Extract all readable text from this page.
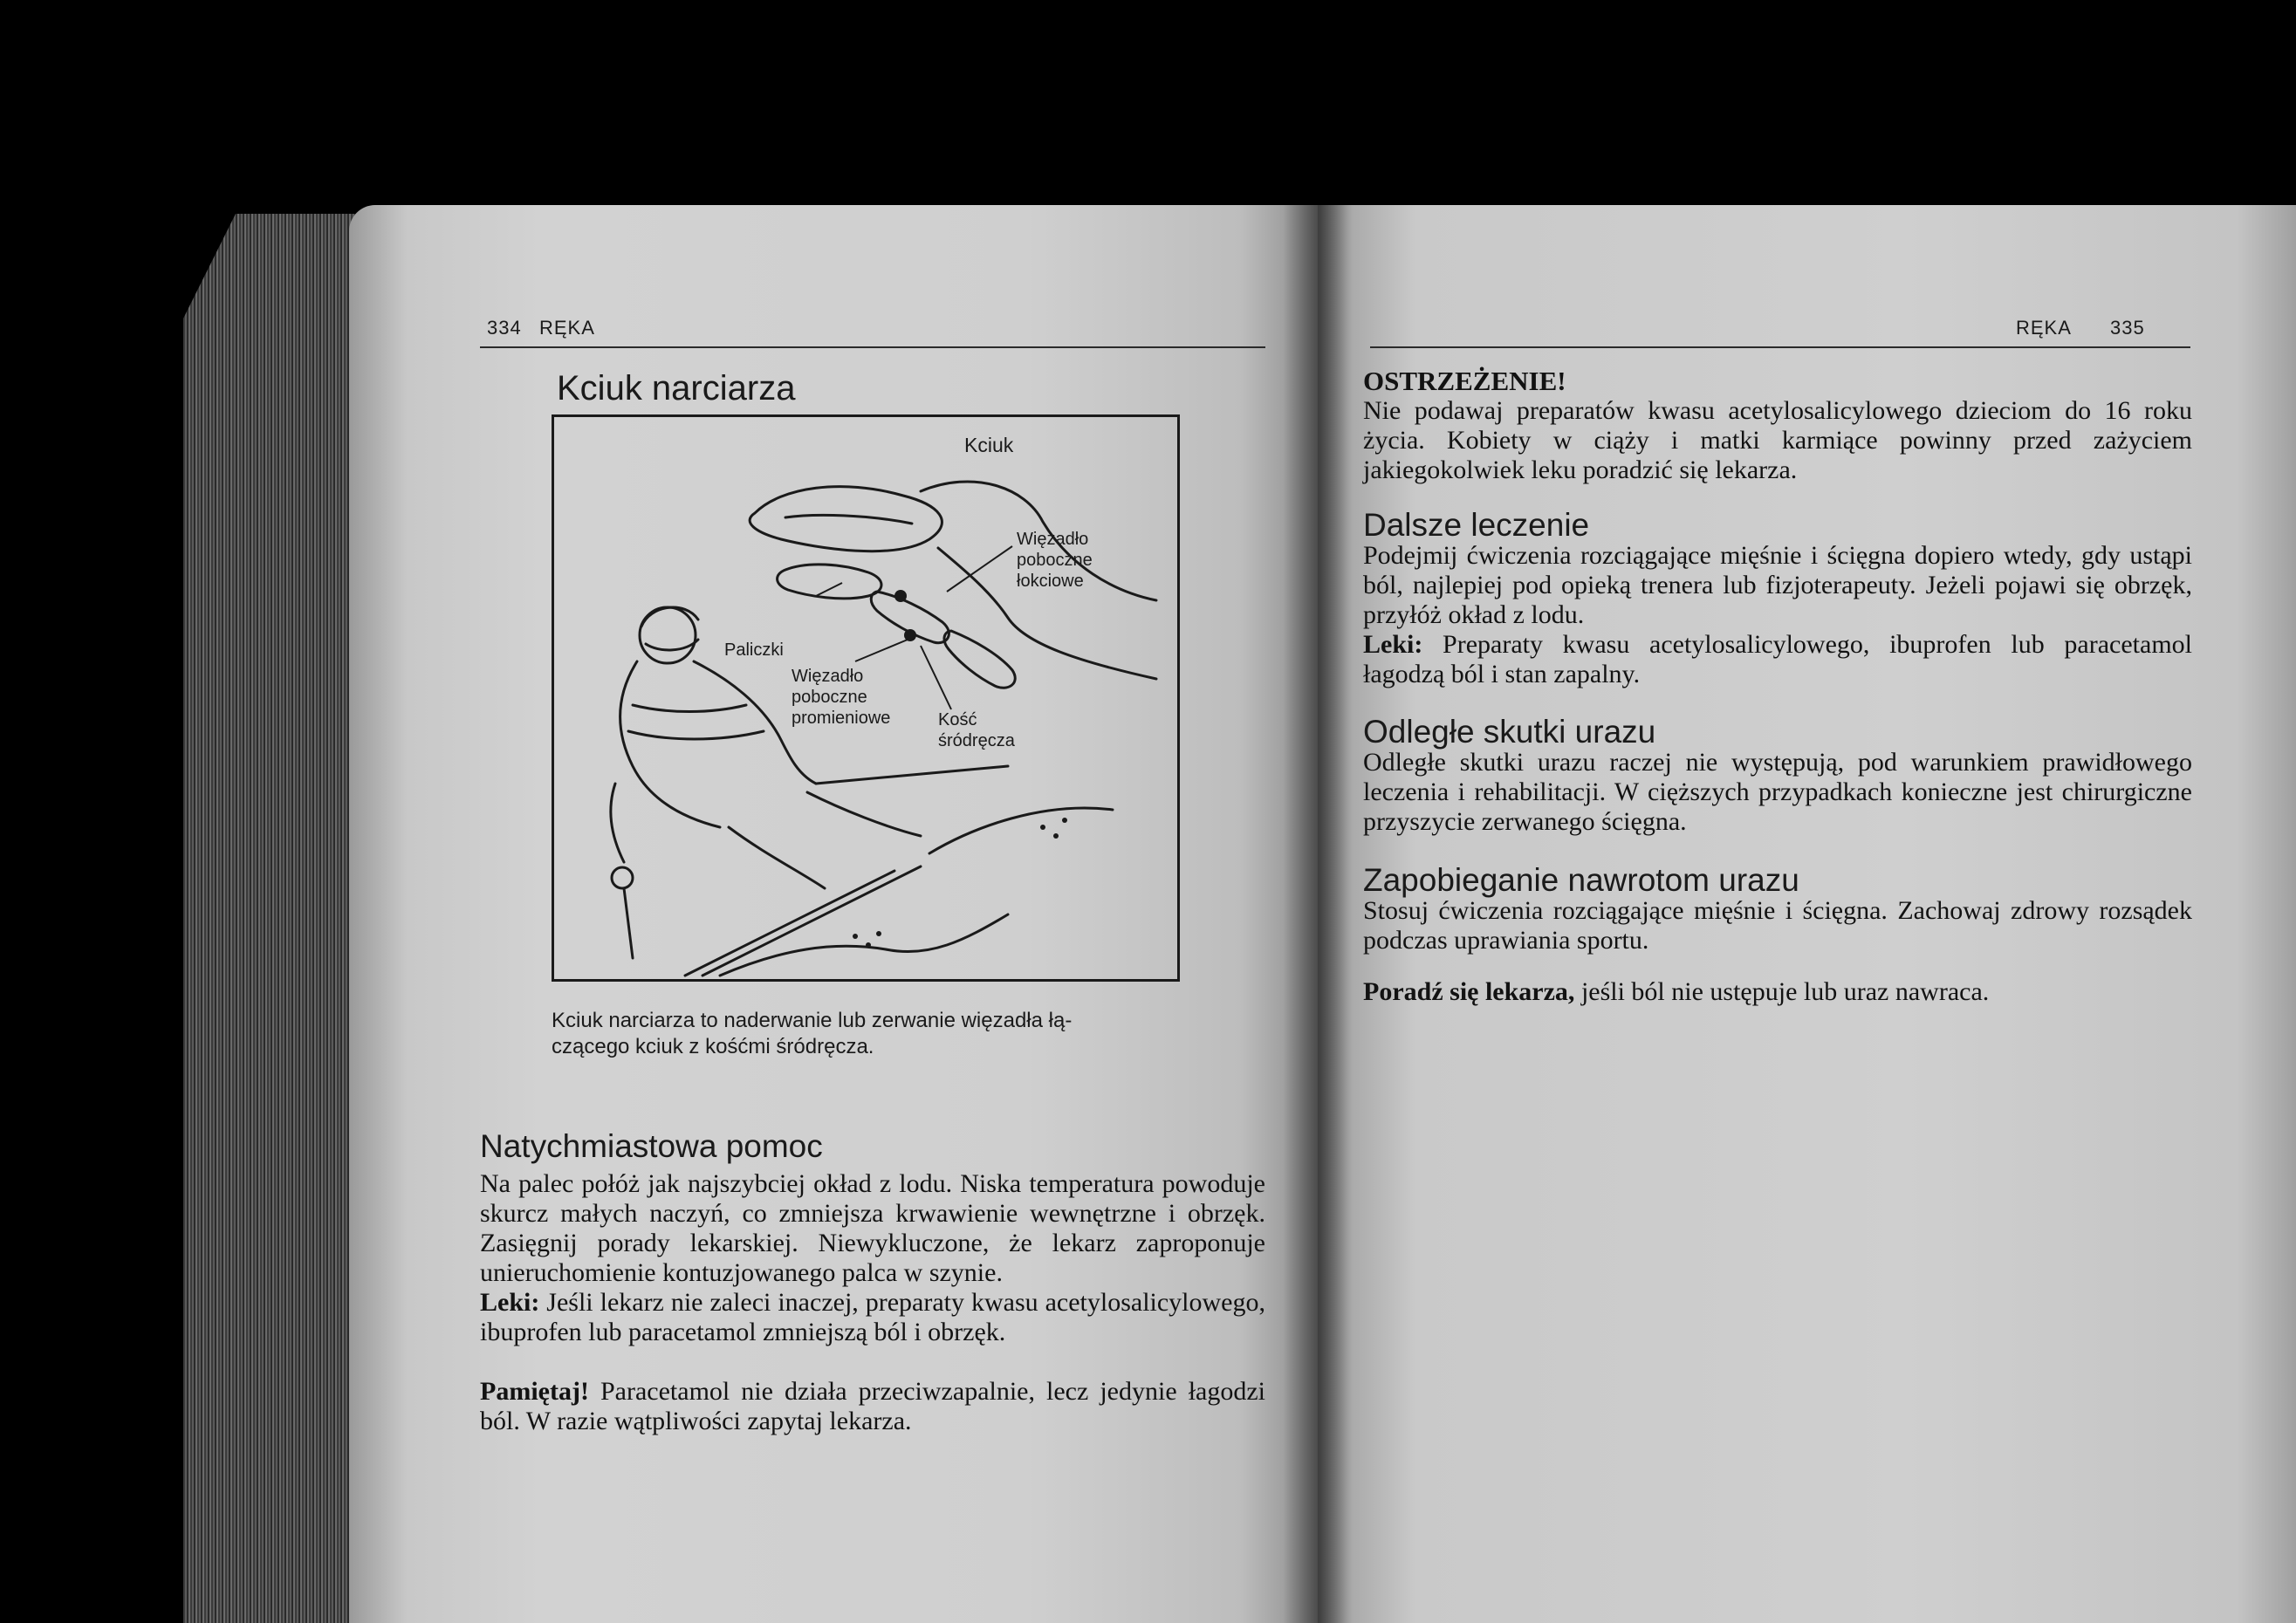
334 RĘKA
Kciuk narciarza
Kciuk
Więzadło
poboczne
łokciowe
Paliczki
Więzadło
poboczne
promieniowe	Kość
śródręcza
Kciuk narciarza to naderwanie lub zerwanie więzadła łą-
czącego kciuk z kośćmi śródręcza.
Natychmiastowa pomoc

Na palec połóż jak najszybciej okład z lodu. Niska temperatura powoduje skurcz małych naczyń, co zmniejsza krwawienie wewnętrzne i obrzęk. Zasięgnij porady lekarskiej. Niewykluczone, że lekarz zaproponuje unieruchomienie kontuzjowanego palca w szynie.

Leki: Jeśli lekarz nie zaleci inaczej, preparaty kwasu acetylosalicylowego, ibuprofen lub paracetamol zmniejszą ból i obrzęk.

Pamiętaj! Paracetamol nie działa przeciwzapalnie, lecz jedynie łagodzi ból. W razie wątpliwości zapytaj lekarza.

RĘKA 335

OSTRZEŻENIE!

Nie podawaj preparatów kwasu acetylosalicylowego dzieciom do 16 roku życia. Kobiety w ciąży i matki karmiące powinny przed zażyciem jakiegokolwiek leku poradzić się lekarza.

Dalsze leczenie

Podejmij ćwiczenia rozciągające mięśnie i ścięgna dopiero wtedy, gdy ustąpi ból, najlepiej pod opieką trenera lub fizjoterapeuty. Jeżeli pojawi się obrzęk, przyłóż okład z lodu.

Leki: Preparaty kwasu acetylosalicylowego, ibuprofen lub paracetamol łagodzą ból i stan zapalny.

Odległe skutki urazu
Odległe skutki urazu raczej nie występują, pod warunkiem prawidłowego leczenia i rehabilitacji. W cięższych przypadkach konieczne jest chirurgiczne przyszycie zerwanego ścięgna.
Zapobieganie nawrotom urazu
Stosuj ćwiczenia rozciągające mięśnie i ścięgna. Zachowaj zdrowy rozsądek podczas uprawiania sportu.
Poradź się lekarza, jeśli ból nie ustępuje lub uraz nawraca.
